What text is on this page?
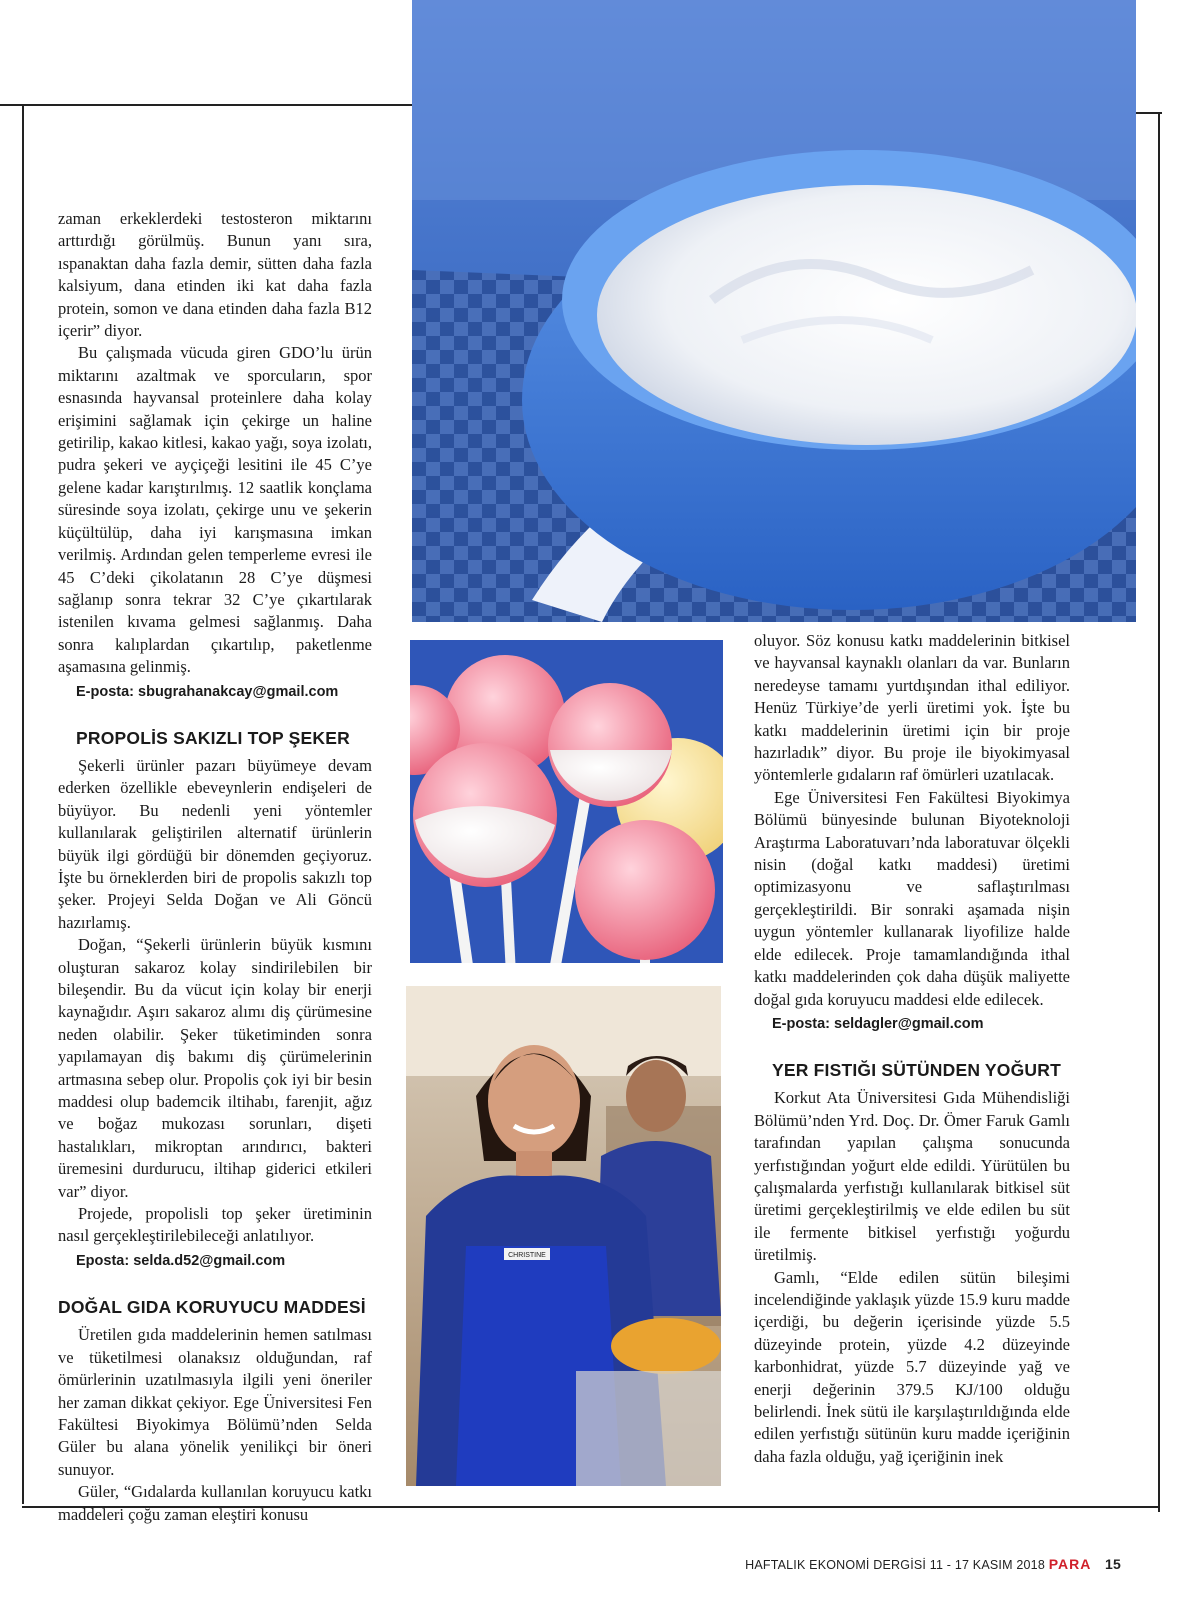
CHRISTINE

zaman erkeklerdeki testosteron miktarını arttırdığı görülmüş. Bunun yanı sıra, ıspanaktan daha fazla demir, sütten daha fazla kalsiyum, dana etinden iki kat daha fazla protein, somon ve dana etinden daha fazla B12 içerir” diyor.

Bu çalışmada vücuda giren GDO’lu ürün miktarını azaltmak ve sporcuların, spor esnasında hayvansal proteinlere daha kolay erişimini sağlamak için çekirge un haline getirilip, kakao kitlesi, kakao yağı, soya izolatı, pudra şekeri ve ayçiçeği lesitini ile 45 C’ye gelene kadar karıştırılmış. 12 saatlik konçlama süresinde soya izolatı, çekirge unu ve şekerin küçültülüp, daha iyi karışmasına imkan verilmiş. Ardından gelen temperleme evresi ile 45 C’deki çikolatanın 28 C’ye düşmesi sağlanıp sonra tekrar 32 C’ye çıkartılarak istenilen kıvama gelmesi sağlanmış. Daha sonra kalıplardan çıkartılıp, paketlenme aşamasına gelinmiş.

E-posta: sbugrahanakcay@gmail.com
PROPOLİS SAKIZLI TOP ŞEKER

Şekerli ürünler pazarı büyümeye devam ederken özellikle ebeveynlerin endişeleri de büyüyor. Bu nedenli yeni yöntemler kullanılarak geliştirilen alternatif ürünlerin büyük ilgi gördüğü bir dönemden geçiyoruz. İşte bu örneklerden biri de propolis sakızlı top şeker. Projeyi Selda Doğan ve Ali Göncü hazırlamış.

Doğan, “Şekerli ürünlerin büyük kısmını oluşturan sakaroz kolay sindirilebilen bir bileşendir. Bu da vücut için kolay bir enerji kaynağıdır. Aşırı sakaroz alımı diş çürümesine neden olabilir. Şeker tüketiminden sonra yapılamayan diş bakımı diş çürümelerinin artmasına sebep olur. Propolis çok iyi bir besin maddesi olup bademcik iltihabı, farenjit, ağız ve boğaz mukozası sorunları, dişeti hastalıkları, mikroptan arındırıcı, bakteri üremesini durdurucu, iltihap giderici etkileri var” diyor.

Projede, propolisli top şeker üretiminin nasıl gerçekleştirilebileceği anlatılıyor.

Eposta: selda.d52@gmail.com
DOĞAL GIDA KORUYUCU MADDESİ

Üretilen gıda maddelerinin hemen satılması ve tüketilmesi olanaksız olduğundan, raf ömürlerinin uzatılmasıyla ilgili yeni öneriler her zaman dikkat çekiyor. Ege Üniversitesi Fen Fakültesi Biyokimya Bölümü’nden Selda Güler bu alana yönelik yenilikçi bir öneri sunuyor.

Güler, “Gıdalarda kullanılan koruyucu katkı maddeleri çoğu zaman eleştiri konusu

oluyor. Söz konusu katkı maddelerinin bitkisel ve hayvansal kaynaklı olanları da var. Bunların neredeyse tamamı yurtdışından ithal ediliyor. Henüz Türkiye’de yerli üretimi yok. İşte bu katkı maddelerinin üretimi için bir proje hazırladık” diyor. Bu proje ile biyokimyasal yöntemlerle gıdaların raf ömürleri uzatılacak.

Ege Üniversitesi Fen Fakültesi Biyokimya Bölümü bünyesinde bulunan Biyoteknoloji Araştırma Laboratuvarı’nda laboratuvar ölçekli nisin (doğal katkı maddesi) üretimi optimizasyonu ve saflaştırılması gerçekleştirildi. Bir sonraki aşamada nişin uygun yöntemler kullanarak liyofilize halde elde edilecek. Proje tamamlandığında ithal katkı maddelerinden çok daha düşük maliyette doğal gıda koruyucu maddesi elde edilecek.

E-posta: seldagler@gmail.com
YER FISTIĞI SÜTÜNDEN YOĞURT

Korkut Ata Üniversitesi Gıda Mühendisliği Bölümü’nden Yrd. Doç. Dr. Ömer Faruk Gamlı tarafından yapılan çalışma sonucunda yerfıstığından yoğurt elde edildi. Yürütülen bu çalışmalarda yerfıstığı kullanılarak bitkisel süt üretimi gerçekleştirilmiş ve elde edilen bu süt ile fermente bitkisel yerfıstığı yoğurdu üretilmiş.

Gamlı, “Elde edilen sütün bileşimi incelendiğinde yaklaşık yüzde 15.9 kuru madde içerdiği, bu değerin içerisinde yüzde 5.5 düzeyinde protein, yüzde 4.2 düzeyinde karbonhidrat, yüzde 5.7 düzeyinde yağ ve enerji değerinin 379.5 KJ/100 olduğu belirlendi. İnek sütü ile karşılaştırıldığında elde edilen yerfıstığı sütünün kuru madde içeriğinin daha fazla olduğu, yağ içeriğinin inek

HAFTALIK EKONOMİ DERGİSİ 11 - 17 KASIM 2018 PARA 15
